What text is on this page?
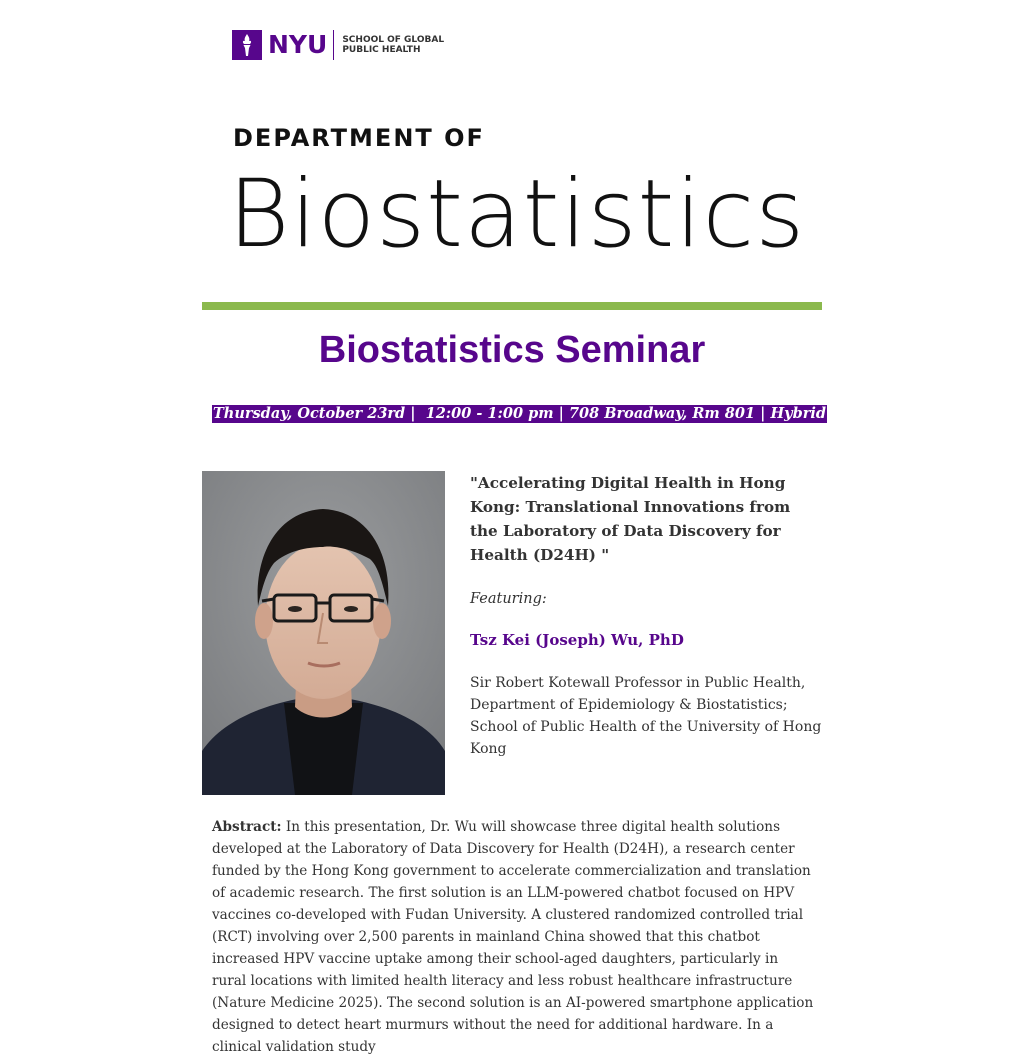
NYU SCHOOL OF GLOBAL
PUBLIC HEALTH
DEPARTMENT OF
Biostatistics
Biostatistics Seminar
Thursday, October 23rd |  12:00 - 1:00 pm | 708 Broadway, Rm 801 | Hybrid
"Accelerating Digital Health in Hong Kong: Translational Innovations from the Laboratory of Data Discovery for Health (D24H) "
Featuring:
Tsz Kei (Joseph) Wu, PhD
Sir Robert Kotewall Professor in Public Health, Department of Epidemiology & Biostatistics; School of Public Health of the University of Hong Kong
Abstract: In this presentation, Dr. Wu will showcase three digital health solutions developed at the Laboratory of Data Discovery for Health (D24H), a research center funded by the Hong Kong government to accelerate commercialization and translation of academic research. The first solution is an LLM-powered chatbot focused on HPV vaccines co-developed with Fudan University. A clustered randomized controlled trial (RCT) involving over 2,500 parents in mainland China showed that this chatbot increased HPV vaccine uptake among their school-aged daughters, particularly in rural locations with limited health literacy and less robust healthcare infrastructure (Nature Medicine 2025). The second solution is an AI-powered smartphone application designed to detect heart murmurs without the need for additional hardware. In a clinical validation study
